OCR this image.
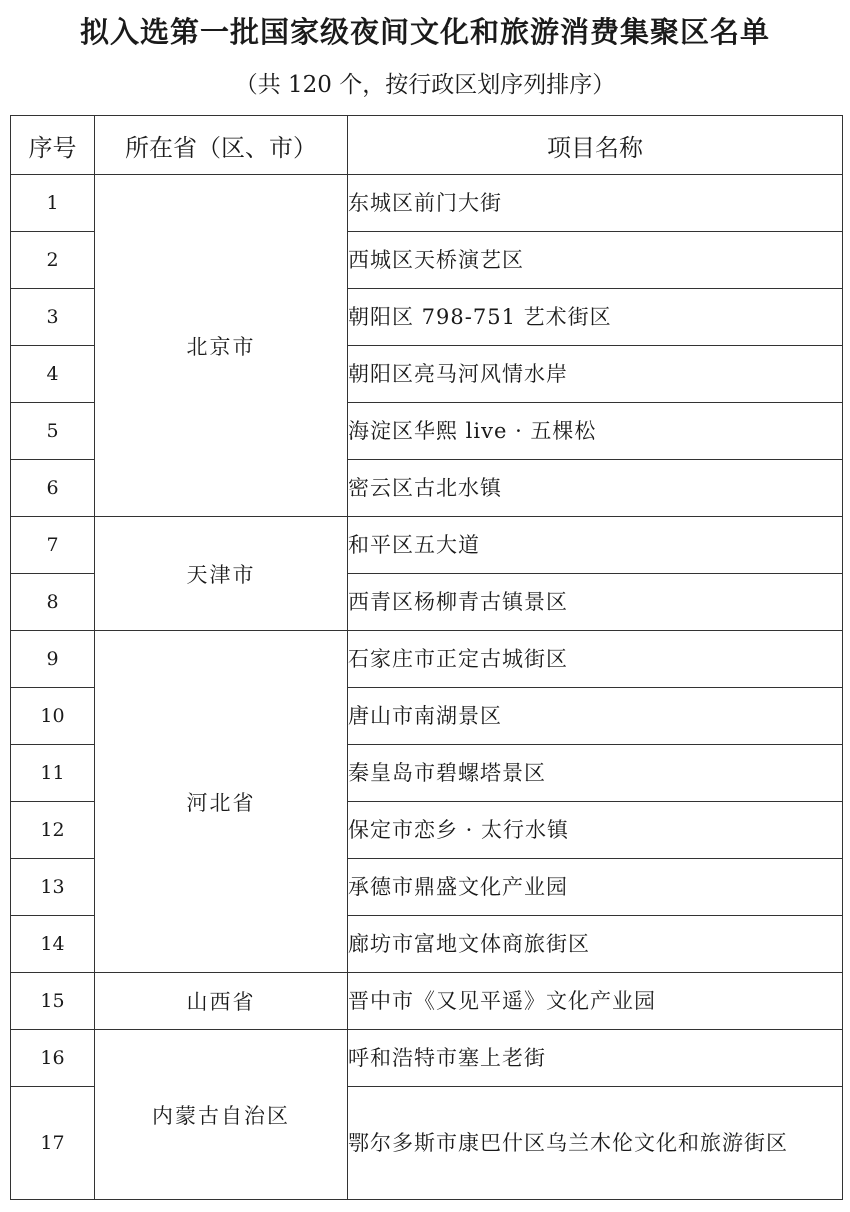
拟入选第一批国家级夜间文化和旅游消费集聚区名单
（共 120 个，按行政区划序列排序）
序号	所在省（区、市）	项目名称
1	北京市	东城区前门大街
2		西城区天桥演艺区
3		朝阳区 798-751 艺术街区
4		朝阳区亮马河风情水岸
5		海淀区华熙 live · 五棵松
6		密云区古北水镇
7	天津市	和平区五大道
8		西青区杨柳青古镇景区
9	河北省	石家庄市正定古城街区
10		唐山市南湖景区
11		秦皇岛市碧螺塔景区
12		保定市恋乡 · 太行水镇
13		承德市鼎盛文化产业园
14		廊坊市富地文体商旅街区
15	山西省	晋中市《又见平遥》文化产业园
16	内蒙古自治区	呼和浩特市塞上老街
17		鄂尔多斯市康巴什区乌兰木伦文化和旅游街区
